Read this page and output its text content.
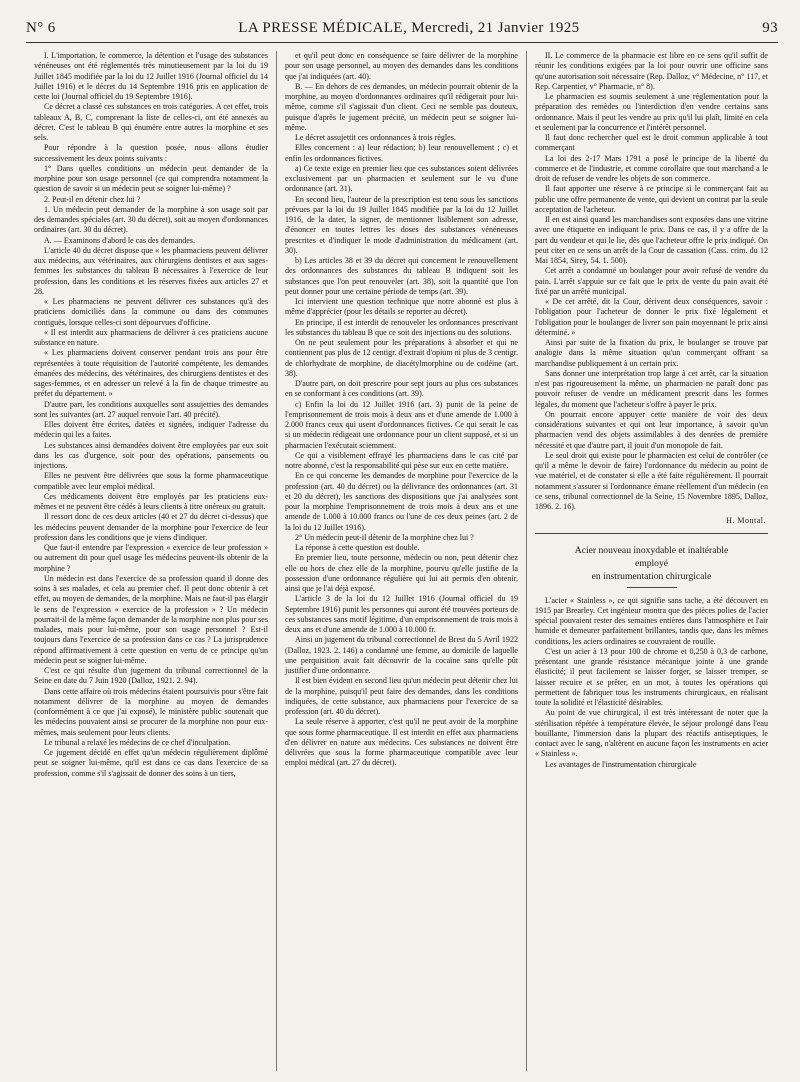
N° 6	LA PRESSE MÉDICALE, Mercredi, 21 Janvier 1925	93

I. L'importation, le commerce, la détention et l'usage des substances vénéneuses ont été réglementés très minutieusement par la loi du 19 Juillet 1845 modifiée par la loi du 12 Juillet 1916 (Journal officiel du 14 Juillet 1916) et le décret du 14 Septembre 1916 pris en application de cette loi (Journal officiel du 19 Septembre 1916).

Ce décret a classé ces substances en trois catégories. A cet effet, trois tableaux A, B, C, comprenant la liste de celles-ci, ont été annexés au décret. C'est le tableau B qui énumère entre autres la morphine et ses sels.

Pour répondre à la question posée, nous allons étudier successivement les deux points suivants :

1° Dans quelles conditions un médecin peut demander de la morphine pour son usage personnel (ce qui comprendra notamment la question de savoir si un médecin peut se soigner lui-même) ?

2. Peut-il en détenir chez lui ?

1. Un médecin peut demander de la morphine à son usage soit par des demandes spéciales (art. 30 du décret), soit au moyen d'ordonnances ordinaires (art. 30 du décret).

A. — Examinons d'abord le cas des demandes.

L'article 40 du décret dispose que « les pharmaciens peuvent délivrer aux médecins, aux vétérinaires, aux chirurgiens dentistes et aux sages-femmes les substances du tableau B nécessaires à l'exercice de leur profession, dans les conditions et les réserves fixées aux articles 27 et 28.

« Les pharmaciens ne peuvent délivrer ces substances qu'à des praticiens domiciliés dans la commune ou dans des communes contiguës, lorsque celles-ci sont dépourvues d'officine.

« Il est interdit aux pharmaciens de délivrer à ces praticiens aucune substance en nature.

« Les pharmaciens doivent conserver pendant trois ans pour être représentées à toute réquisition de l'autorité compétente, les demandes émanées des médecins, des vétérinaires, des chirurgiens dentistes et des sages-femmes, et en adresser un relevé à la fin de chaque trimestre au préfet du département. »

D'autre part, les conditions auxquelles sont assujetties des demandes sont les suivantes (art. 27 auquel renvoie l'art. 40 précité).

Elles doivent être écrites, datées et signées, indiquer l'adresse du médecin qui les a faites.

Les substances ainsi demandées doivent être employées par eux soit dans les cas d'urgence, soit pour des opérations, pansements ou injections.

Elles ne peuvent être délivrées que sous la forme pharmaceutique compatible avec leur emploi médical.

Ces médicaments doivent être employés par les praticiens eux-mêmes et ne peuvent être cédés à leurs clients à titre onéreux ou gratuit.

Il ressort donc de ces deux articles (40 et 27 du décret ci-dessus) que les médecins peuvent demander de la morphine pour l'exercice de leur profession dans les conditions que je viens d'indiquer.

Que faut-il entendre par l'expression « exercice de leur profession » ou autrement dit pour quel usage les médecins peuvent-ils obtenir de la morphine ?

Un médecin est dans l'exercice de sa profession quand il donne des soins à ses malades, et cela au premier chef. Il peut donc obtenir à cet effet, au moyen de demandes, de la morphine. Mais ne faut-il pas élargir le sens de l'expression « exercice de la profession » ? Un médecin pourrait-il de la même façon demander de la morphine non plus pour ses malades, mais pour lui-même, pour son usage personnel ? Est-il toujours dans l'exercice de sa profession dans ce cas ? La jurisprudence répond affirmativement à cette question en vertu de ce principe qu'un médecin peut se soigner lui-même.

C'est ce qui résulte d'un jugement du tribunal correctionnel de la Seine en date du 7 Juin 1920 (Dalloz, 1921. 2. 94).

Dans cette affaire où trois médecins étaient poursuivis pour s'être fait notamment délivrer de la morphine au moyen de demandes (conformément à ce que j'ai exposé), le ministère public soutenait que les médecins pouvaient ainsi se procurer de la morphine non pour eux-mêmes, mais seulement pour leurs clients.

Le tribunal a relaxé les médecins de ce chef d'inculpation.

Ce jugement décidé en effet qu'un médecin régulièrement diplômé peut se soigner lui-même, qu'il est dans ce cas dans l'exercice de sa profession, comme s'il s'agissait de donner des soins à un tiers,

et qu'il peut donc en conséquence se faire délivrer de la morphine pour son usage personnel, au moyen des demandes dans les conditions que j'ai indiquées (art. 40).

B. — En dehors de ces demandes, un médecin pourrait obtenir de la morphine, au moyen d'ordonnances ordinaires qu'il rédigerait pour lui-même, comme s'il s'agissait d'un client. Ceci ne semble pas douteux, puisque d'après le jugement précité, un médecin peut se soigner lui-même.

Le décret assujettit ces ordonnances à trois règles.

Elles concernent : a) leur rédaction; b) leur renouvellement ; c) et enfin les ordonnances fictives.

a) Ce texte exige en premier lieu que ces substances soient délivrées exclusivement par un pharmacien et seulement sur le vu d'une ordonnance (art. 31).

En second lieu, l'auteur de la prescription est tenu sous les sanctions prévues par la loi du 19 Juillet 1845 modifiée par la loi du 12 Juillet 1916, de la dater, la signer, de mentionner lisiblement son adresse, d'énoncer en toutes lettres les doses des substances vénéneuses prescrites et d'indiquer le mode d'administration du médicament (art. 30).

b) Les articles 38 et 39 du décret qui concernent le renouvellement des ordonnances des substances du tableau B indiquent soit les substances que l'on peut renouveler (art. 38), soit la quantité que l'on peut donner pour une certaine période de temps (art. 39).

Ici intervient une question technique que notre abonné est plus à même d'apprécier (pour les détails se reporter au décret).

En principe, il est interdit de renouveler les ordonnances prescrivant les substances du tableau B que ce soit des injections ou des solutions.

On ne peut seulement pour les préparations à absorber et qui ne contiennent pas plus de 12 centigr. d'extrait d'opium ni plus de 3 centigr. de chlorhydrate de morphine, de diacétylmorphine ou de codéine (art. 38).

D'autre part, on doit prescrire pour sept jours au plus ces substances en se conformant à ces conditions (art. 39).

c) Enfin la loi du 12 Juillet 1916 (art. 3) punit de la peine de l'emprisonnement de trois mois à deux ans et d'une amende de 1.000 à 2.000 francs ceux qui usent d'ordonnances fictives. Ce qui serait le cas si un médecin rédigeait une ordonnance pour un client supposé, et si un pharmacien l'exécutait sciemment.

Ce qui a visiblement effrayé les pharmaciens dans le cas cité par notre abonné, c'est la responsabilité qui pèse sur eux en cette matière.

En ce qui concerne les demandes de morphine pour l'exercice de la profession (art. 40 du décret) ou la délivrance des ordonnances (art. 31 et 20 du décret), les sanctions des dispositions que j'ai analysées sont pour la morphine l'emprisonnement de trois mois à deux ans et une amende de 1.000 à 10.000 francs ou l'une de ces deux peines (art. 2 de la loi du 12 Juillet 1916).

2° Un médecin peut-il détenir de la morphine chez lui ?

La réponse à cette question est double.

En premier lieu, toute personne, médecin ou non, peut détenir chez elle ou hors de chez elle de la morphine, pourvu qu'elle justifie de la possession d'une ordonnance régulière qui lui ait permis d'en obtenir, ainsi que je l'ai déjà exposé.

L'article 3 de la loi du 12 Juillet 1916 (Journal officiel du 19 Septembre 1916) punit les personnes qui auront été trouvées porteurs de ces substances sans motif légitime, d'un emprisonnement de trois mois à deux ans et d'une amende de 1.000 à 10.000 fr.

Ainsi un jugement du tribunal correctionnel de Brest du 5 Avril 1922 (Dalloz, 1923. 2. 146) a condamné une femme, au domicile de laquelle une perquisition avait fait découvrir de la cocaïne sans qu'elle pût justifier d'une ordonnance.

Il est bien évident en second lieu qu'un médecin peut détenir chez lui de la morphine, puisqu'il peut faire des demandes, dans les conditions indiquées, de cette substance, aux pharmaciens pour l'exercice de sa profession (art. 40 du décret).

La seule réserve à apporter, c'est qu'il ne peut avoir de la morphine que sous forme pharmaceutique. Il est interdit en effet aux pharmaciens d'en délivrer en nature aux médecins. Ces substances ne doivent être délivrées que sous la forme pharmaceutique compatible avec leur emploi médical (art. 27 du décret).

II. Le commerce de la pharmacie est libre en ce sens qu'il suffit de réunir les conditions exigées par la loi pour ouvrir une officine sans qu'une autorisation soit nécessaire (Rep. Dalloz, v° Médecine, n° 117, et Rep. Carpentier, v° Pharmacie, n° 8).

Le pharmacien est soumis seulement à une réglementation pour la préparation des remèdes ou l'interdiction d'en vendre certains sans ordonnance. Mais il peut les vendre au prix qu'il lui plaît, limité en cela et seulement par la concurrence et l'intérêt personnel.

Il faut donc rechercher quel est le droit commun applicable à tout commerçant

La loi des 2-17 Mars 1791 a posé le principe de la liberté du commerce et de l'industrie, et comme corollaire que tout marchand a le droit de refuser de vendre les objets de son commerce.

Il faut apporter une réserve à ce principe si le commerçant fait au public une offre permanente de vente, qui devient un contrat par la seule acceptation de l'acheteur.

Il en est ainsi quand les marchandises sont exposées dans une vitrine avec une étiquette en indiquant le prix. Dans ce cas, il y a offre de la part du vendeur et qui le lie, dès que l'acheteur offre le prix indiqué. On peut citer en ce sens un arrêt de la Cour de cassation (Cass. crim. du 12 Mai 1854, Sirey, 54. 1. 500).

Cet arrêt a condamné un boulanger pour avoir refusé de vendre du pain. L'arrêt s'appuie sur ce fait que le prix de vente du pain avait été fixé par un arrêté municipal.

« De cet arrêté, dit la Cour, dérivent deux conséquences, savoir : l'obligation pour l'acheteur de donner le prix fixé légalement et l'obligation pour le boulanger de livrer son pain moyennant le prix ainsi déterminé. »

Ainsi par suite de la fixation du prix, le boulanger se trouve par analogie dans la même situation qu'un commerçant offrant sa marchandise publiquement à un certain prix.

Sans donner une interprétation trop large à cet arrêt, car la situation n'est pas rigoureusement la même, un pharmacien ne paraît donc pas pouvoir refuser de vendre un médicament prescrit dans les formes légales, du moment que l'acheteur s'offre à payer le prix.

On pourrait encore appuyer cette manière de voir des deux considérations suivantes et qui ont leur importance, à savoir qu'un pharmacien vend des objets assimilables à des denrées de première nécessité et que d'autre part, il jouit d'un monopole de fait.

Le seul droit qui existe pour le pharmacien est celui de contrôler (ce qu'il a même le devoir de faire) l'ordonnance du médecin au point de vue matériel, et de constater si elle a été faite régulièrement. Il pourrait notamment s'assurer si l'ordonnance émane réellement d'un médecin (en ce sens, tribunal correctionnel de la Seine, 15 Novembre 1895, Dalloz, 1896. 2. 16).

H. Montal.
Acier nouveau inoxydable et inaltérable
employé
en instrumentation chirurgicale

L'acier « Stainless », ce qui signifie sans tache, a été découvert en 1915 par Brearley. Cet ingénieur montra que des pièces polies de l'acier spécial pouvaient rester des semaines entières dans l'atmosphère et l'air humide et demeurer parfaitement brillantes, tandis que, dans les mêmes conditions, les aciers ordinaires se couvraient de rouille.

C'est un acier à 13 pour 100 de chrome et 0,250 à 0,3 de carbone, présentant une grande résistance mécanique jointe à une grande élasticité; il peut facilement se laisser forger, se laisser tremper, se laisser recuire et se prêter, en un mot, à toutes les opérations qui permettent de fabriquer tous les instruments chirurgicaux, en réalisant toute la solidité et l'élasticité désirables.

Au point de vue chirurgical, il est très intéressant de noter que la stérilisation répétée à température élevée, le séjour prolongé dans l'eau bouillante, l'immersion dans la plupart des réactifs antiseptiques, le contact avec le sang, n'altèrent en aucune façon les instruments en acier « Stainless ».

Les avantages de l'instrumentation chirurgicale
